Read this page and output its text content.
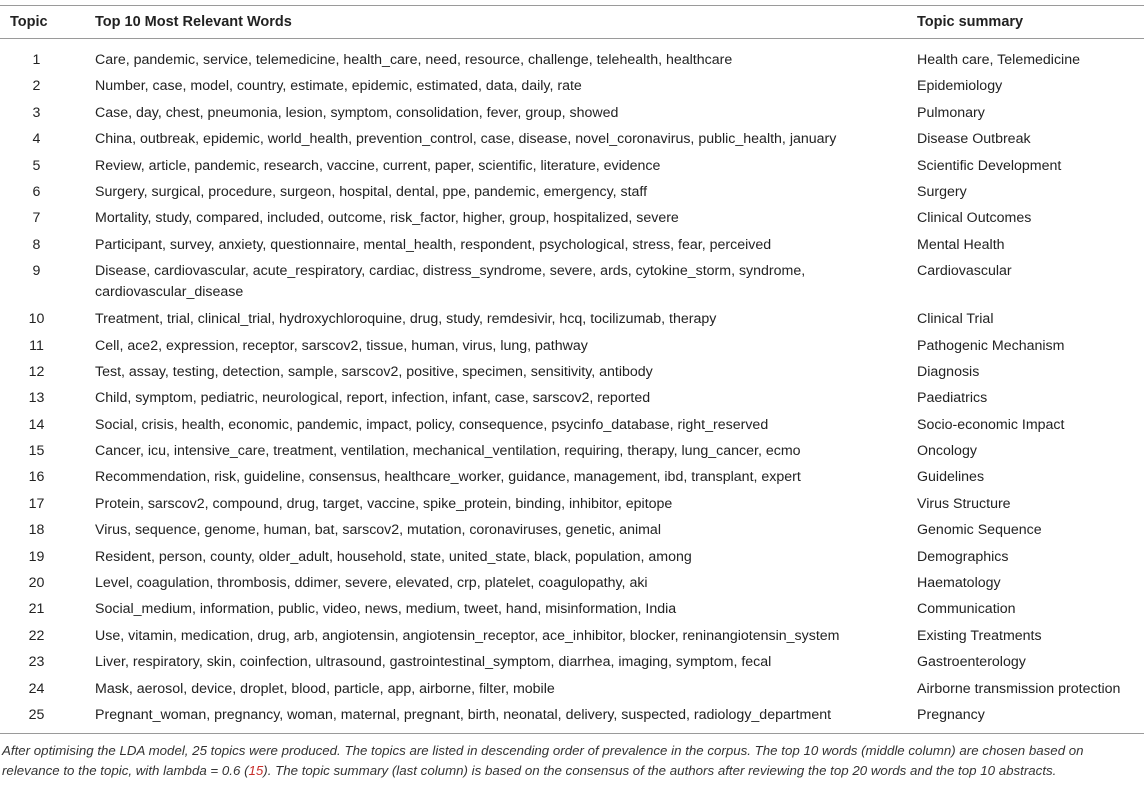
Topic	Top 10 Most Relevant Words	Topic summary
1	Care, pandemic, service, telemedicine, health_care, need, resource, challenge, telehealth, healthcare	Health care, Telemedicine
2	Number, case, model, country, estimate, epidemic, estimated, data, daily, rate	Epidemiology
3	Case, day, chest, pneumonia, lesion, symptom, consolidation, fever, group, showed	Pulmonary
4	China, outbreak, epidemic, world_health, prevention_control, case, disease, novel_coronavirus, public_health, january	Disease Outbreak
5	Review, article, pandemic, research, vaccine, current, paper, scientific, literature, evidence	Scientific Development
6	Surgery, surgical, procedure, surgeon, hospital, dental, ppe, pandemic, emergency, staff	Surgery
7	Mortality, study, compared, included, outcome, risk_factor, higher, group, hospitalized, severe	Clinical Outcomes
8	Participant, survey, anxiety, questionnaire, mental_health, respondent, psychological, stress, fear, perceived	Mental Health
9	Disease, cardiovascular, acute_respiratory, cardiac, distress_syndrome, severe, ards, cytokine_storm, syndrome, cardiovascular_disease	Cardiovascular
10	Treatment, trial, clinical_trial, hydroxychloroquine, drug, study, remdesivir, hcq, tocilizumab, therapy	Clinical Trial
11	Cell, ace2, expression, receptor, sarscov2, tissue, human, virus, lung, pathway	Pathogenic Mechanism
12	Test, assay, testing, detection, sample, sarscov2, positive, specimen, sensitivity, antibody	Diagnosis
13	Child, symptom, pediatric, neurological, report, infection, infant, case, sarscov2, reported	Paediatrics
14	Social, crisis, health, economic, pandemic, impact, policy, consequence, psycinfo_database, right_reserved	Socio-economic Impact
15	Cancer, icu, intensive_care, treatment, ventilation, mechanical_ventilation, requiring, therapy, lung_cancer, ecmo	Oncology
16	Recommendation, risk, guideline, consensus, healthcare_worker, guidance, management, ibd, transplant, expert	Guidelines
17	Protein, sarscov2, compound, drug, target, vaccine, spike_protein, binding, inhibitor, epitope	Virus Structure
18	Virus, sequence, genome, human, bat, sarscov2, mutation, coronaviruses, genetic, animal	Genomic Sequence
19	Resident, person, county, older_adult, household, state, united_state, black, population, among	Demographics
20	Level, coagulation, thrombosis, ddimer, severe, elevated, crp, platelet, coagulopathy, aki	Haematology
21	Social_medium, information, public, video, news, medium, tweet, hand, misinformation, India	Communication
22	Use, vitamin, medication, drug, arb, angiotensin, angiotensin_receptor, ace_inhibitor, blocker, reninangiotensin_system	Existing Treatments
23	Liver, respiratory, skin, coinfection, ultrasound, gastrointestinal_symptom, diarrhea, imaging, symptom, fecal	Gastroenterology
24	Mask, aerosol, device, droplet, blood, particle, app, airborne, filter, mobile	Airborne transmission protection
25	Pregnant_woman, pregnancy, woman, maternal, pregnant, birth, neonatal, delivery, suspected, radiology_department	Pregnancy

After optimising the LDA model, 25 topics were produced. The topics are listed in descending order of prevalence in the corpus. The top 10 words (middle column) are chosen based on relevance to the topic, with lambda = 0.6 (15). The topic summary (last column) is based on the consensus of the authors after reviewing the top 20 words and the top 10 abstracts.
